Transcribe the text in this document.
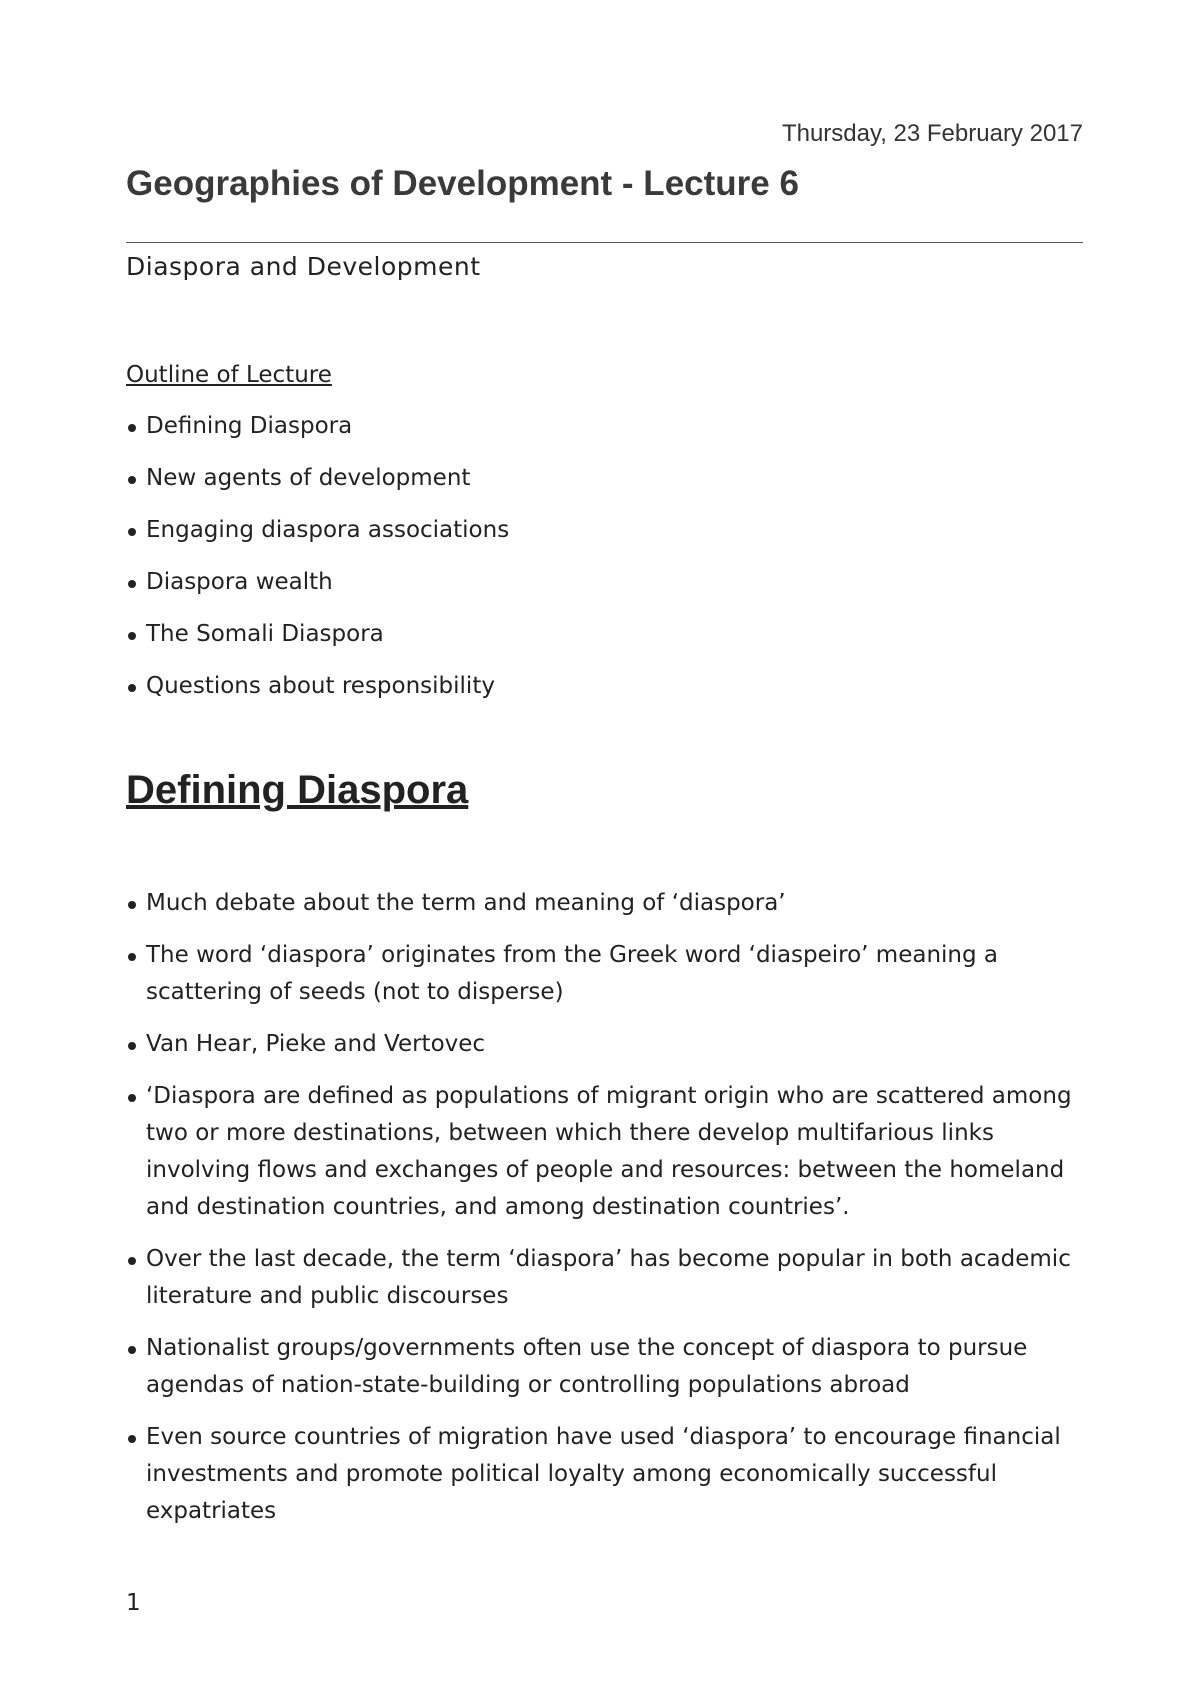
Thursday, 23 February 2017
Geographies of Development - Lecture 6
Diaspora and Development
Outline of Lecture
Defining Diaspora
New agents of development
Engaging diaspora associations
Diaspora wealth
The Somali Diaspora
Questions about responsibility
Defining Diaspora
Much debate about the term and meaning of ‘diaspora’
The word ‘diaspora’ originates from the Greek word ‘diaspeiro’ meaning a scattering of seeds (not to disperse)
Van Hear, Pieke and Vertovec
‘Diaspora are defined as populations of migrant origin who are scattered among two or more destinations, between which there develop multifarious links involving flows and exchanges of people and resources: between the homeland and destination countries, and among destination countries’.
Over the last decade, the term ‘diaspora’ has become popular in both academic literature and public discourses
Nationalist groups/governments often use the concept of diaspora to pursue agendas of nation-state-building or controlling populations abroad
Even source countries of migration have used ‘diaspora’ to encourage financial investments and promote political loyalty among economically successful expatriates
1
